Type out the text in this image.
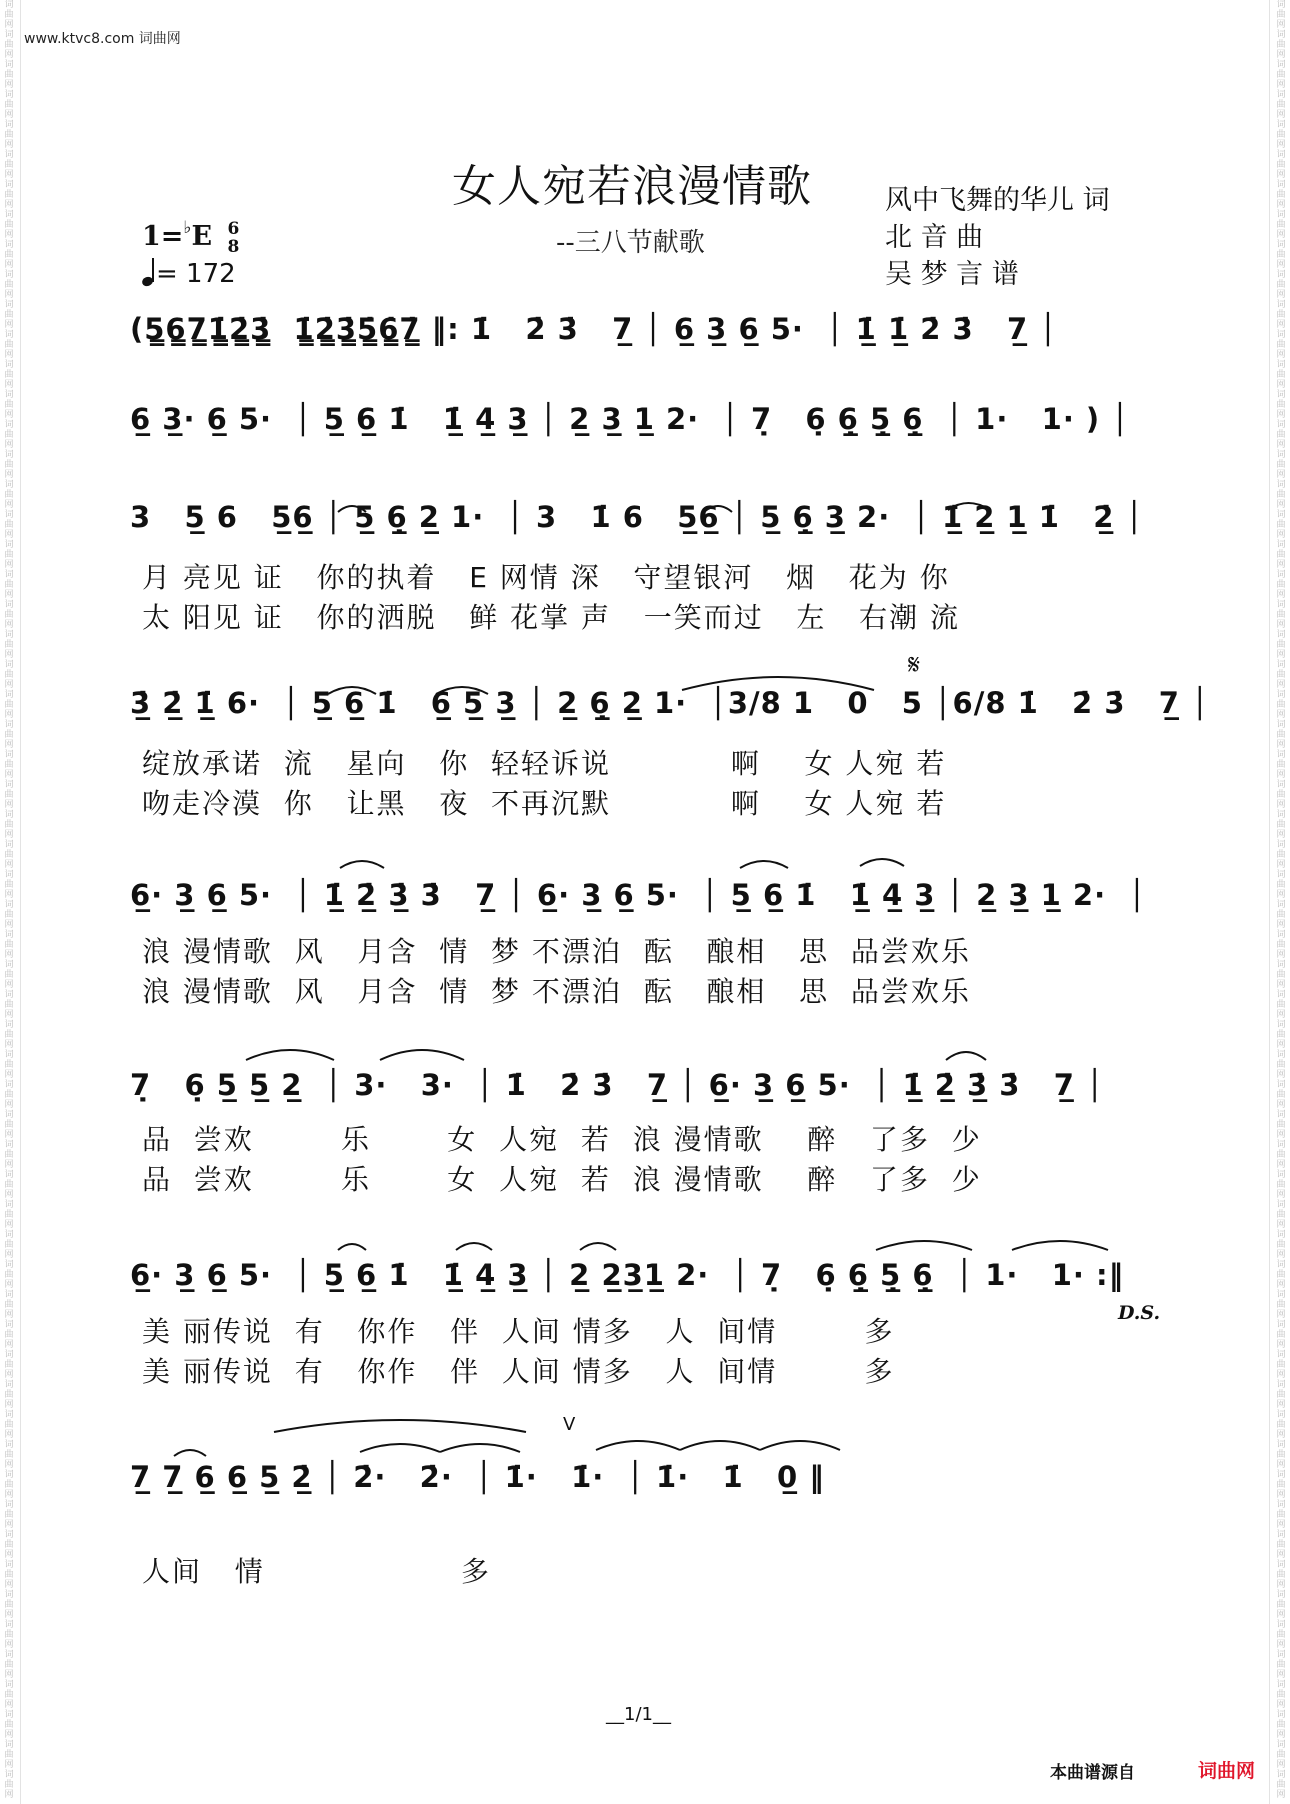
词
曲
网
词
曲
网
词
曲
网
词
曲
网
词
曲
网
词
曲
网
词
曲
网
词
曲
网
词
曲
网
词
曲
网
词
曲
网
词
曲
网
词
曲
网
词
曲
网
词
曲
网
词
曲
网
词
曲
网
词
曲
网
词
曲
网
词
曲
网
词
曲
网
词
曲
网
词
曲
网
词
曲
网
词
曲
网
词
曲
网
词
曲
网
词
曲
网
词
曲
网
词
曲
网
词
曲
网
词
曲
网
词
曲
网
词
曲
网
词
曲
网
词
曲
网
词
曲
网
词
曲
网
词
曲
网
词
曲
网
词
曲
网
词
曲
网
词
曲
网
词
曲
网
词
曲
网
词
曲
网
词
曲
网
词
曲
网
词
曲
网
词
曲
网
词
曲
网
词
曲
网
词
曲
网
词
曲
网
词
曲
网
词
曲
网
词
曲
网
词
曲
网
词
曲
网
词
曲
网
词
曲
网
词
曲
网
词
曲
网
词
曲
网
词
曲
网
词
曲
网
词
曲
网
词
曲
网
词
曲
网
词
曲
网
词
曲
网
词
曲
网
词
曲
网
词
曲
网
词
曲
网
词
曲
网
词
曲
网
词
曲
网
词
曲
网
词
曲
网
词
曲
网
词
曲
网
词
曲
网
词
曲
网
词
曲
网
词
曲
网
词
曲
网
词
曲
网
词
曲
网
词
曲
网
词
曲
网
词
曲
网
词
曲
网
词
曲
网
词
曲
网
词
曲
网
词
曲
网
词
曲
网
词
曲
网
词
曲
网
词
曲
网
词
曲
网
词
曲
网
词
曲
网
词
曲
网
词
曲
网
词
曲
网
词
曲
网
词
曲
网
词
曲
网
词
曲
网
词
曲
网
词
曲
网
词
曲
网
词
曲
网
词
曲
网
词
曲
网
词
曲
网
词
曲
网
词
曲
网
www.ktvc8.com 词曲网
女人宛若浪漫情歌
--三八节献歌
风中飞舞的华儿 词
北 音 曲
吴 梦 言 谱
1=♭E 6
8
= 172
(5̳6̳7̳1̳̇2̳̇3̳̇  1̳̇2̳̇3̳̇5̳̇6̳̇7̳̇ ‖: 1̇   2̇ 3̇   7̲ │ 6̲ 3̲ 6̲ 5·  │ 1̲̇ 1̲̇ 2̇ 3̇   7̲ │
6̲ 3̲· 6̲ 5·  │ 5̲ 6̲ 1̇   1̲̇ 4̲ 3̲ │ 2̲ 3̲ 1̲ 2·  │ 7̣   6̣ 6̲̣ 5̲̣ 6̲̣  │ 1·   1· ) │
3   5̲ 6   5̲6̲ │ 5̲ 6̲̣ 2̲ 1·  │ 3   1̇ 6   5̲6̲ │ 5̲ 6̲̣ 3̲ 2·  │ 1̲̇ 2̲ 1̲ 1̇   2̲̇ │
月 亮见 证   你的执着   E 网情 深   守望银河   烟   花为 你
太 阳见 证   你的洒脱   鲜 花掌 声   一笑而过   左   右潮 流
𝄋
3̲̇ 2̲̇ 1̲̇ 6·  │ 5̲ 6̲ 1̇   6̲ 5̲ 3̲ │ 2̲ 6̲̣ 2̲ 1·  │3/8 1   0   5 │6/8 1̇   2̇ 3̇   7̲ │
绽放承诺  流   星向   你  轻轻诉说           啊    女 人宛 若
吻走冷漠  你   让黑   夜  不再沉默           啊    女 人宛 若
6̲· 3̲ 6̲ 5·  │ 1̲̇ 2̲̇ 3̲̇ 3̇   7̲ │ 6̲· 3̲ 6̲ 5·  │ 5̲ 6̲ 1̇   1̲̇ 4̲ 3̲ │ 2̲ 3̲ 1̲ 2·  │
浪 漫情歌  风   月含  情  梦 不漂泊  酝   酿相   思  品尝欢乐
浪 漫情歌  风   月含  情  梦 不漂泊  酝   酿相   思  品尝欢乐
7̣   6̣ 5̲ 5̲ 2̲  │ 3·   3·  │ 1̇   2̇ 3̇   7̲ │ 6̲· 3̲ 6̲ 5·  │ 1̲̇ 2̲̇ 3̲̇ 3̇   7̲ │
品  尝欢        乐       女  人宛  若  浪 漫情歌    醉   了多  少
品  尝欢        乐       女  人宛  若  浪 漫情歌    醉   了多  少
6̲· 3̲ 6̲ 5·  │ 5̲ 6̲ 1̇   1̲̇ 4̲ 3̲ │ 2̲ 2̲3̲1̲ 2·  │ 7̣   6̣ 6̲̣ 5̲̣ 6̲̣  │ 1·   1· :‖
美 丽传说  有   你作   伴  人间 情多   人  间情        多
美 丽传说  有   你作   伴  人间 情多   人  间情        多
D.S.
V
7̲ 7̲ 6̲ 6̲ 5̲ 2̲̇ │ 2̇·   2̇·  │ 1̇·   1̇·  │ 1̇·   1̇   0̲ ‖
人间   情                  多
__1/1__
本曲谱源自	词曲网
